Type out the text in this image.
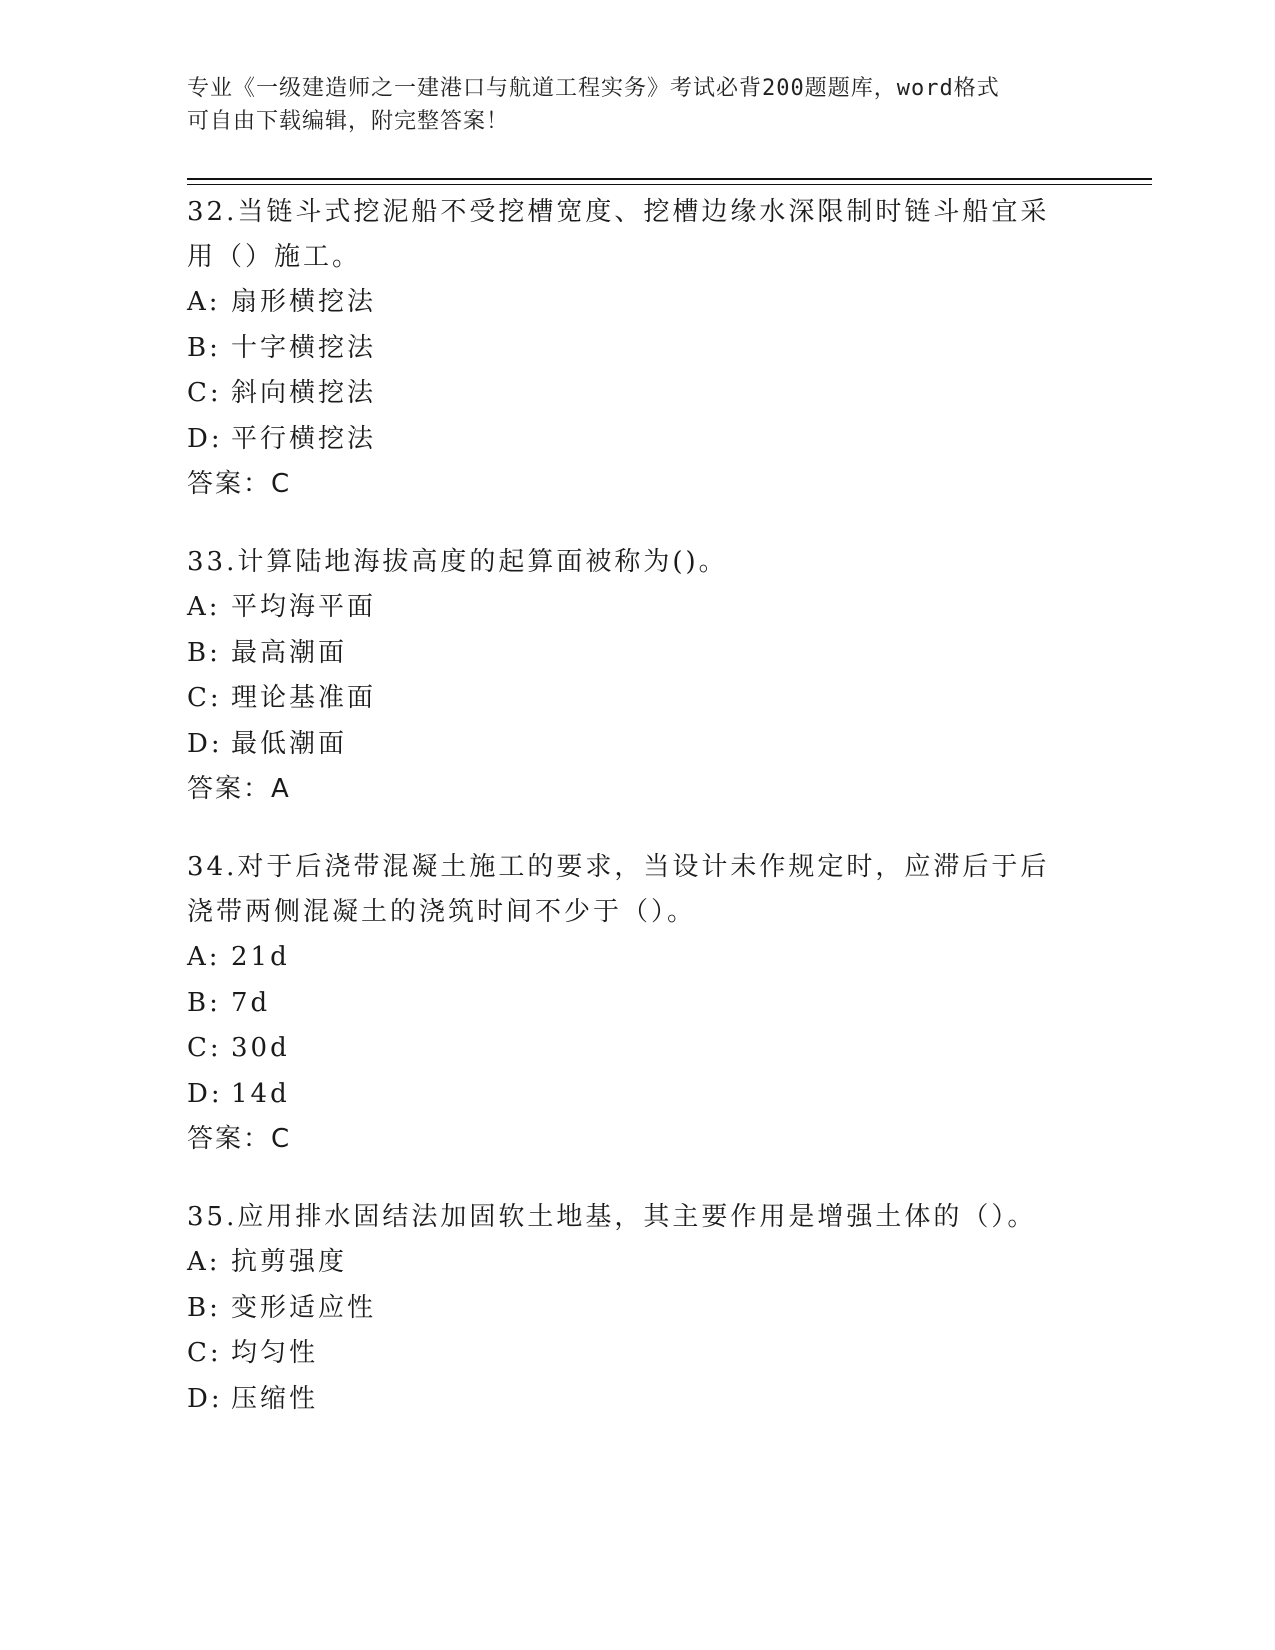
专业《一级建造师之一建港口与航道工程实务》考试必背200题题库，word格式
可自由下载编辑，附完整答案！

32.当链斗式挖泥船不受挖槽宽度、挖槽边缘水深限制时链斗船宜采用（）施工。

A: 扇形横挖法

B: 十字横挖法

C: 斜向横挖法

D: 平行横挖法

答案：C

33.计算陆地海拔高度的起算面被称为()。

A: 平均海平面

B: 最高潮面

C: 理论基准面

D: 最低潮面

答案：A

34.对于后浇带混凝土施工的要求，当设计未作规定时，应滞后于后浇带两侧混凝土的浇筑时间不少于（）。

A: 21d

B: 7d

C: 30d

D: 14d

答案：C

35.应用排水固结法加固软土地基，其主要作用是增强土体的（）。

A: 抗剪强度

B: 变形适应性

C: 均匀性

D: 压缩性
